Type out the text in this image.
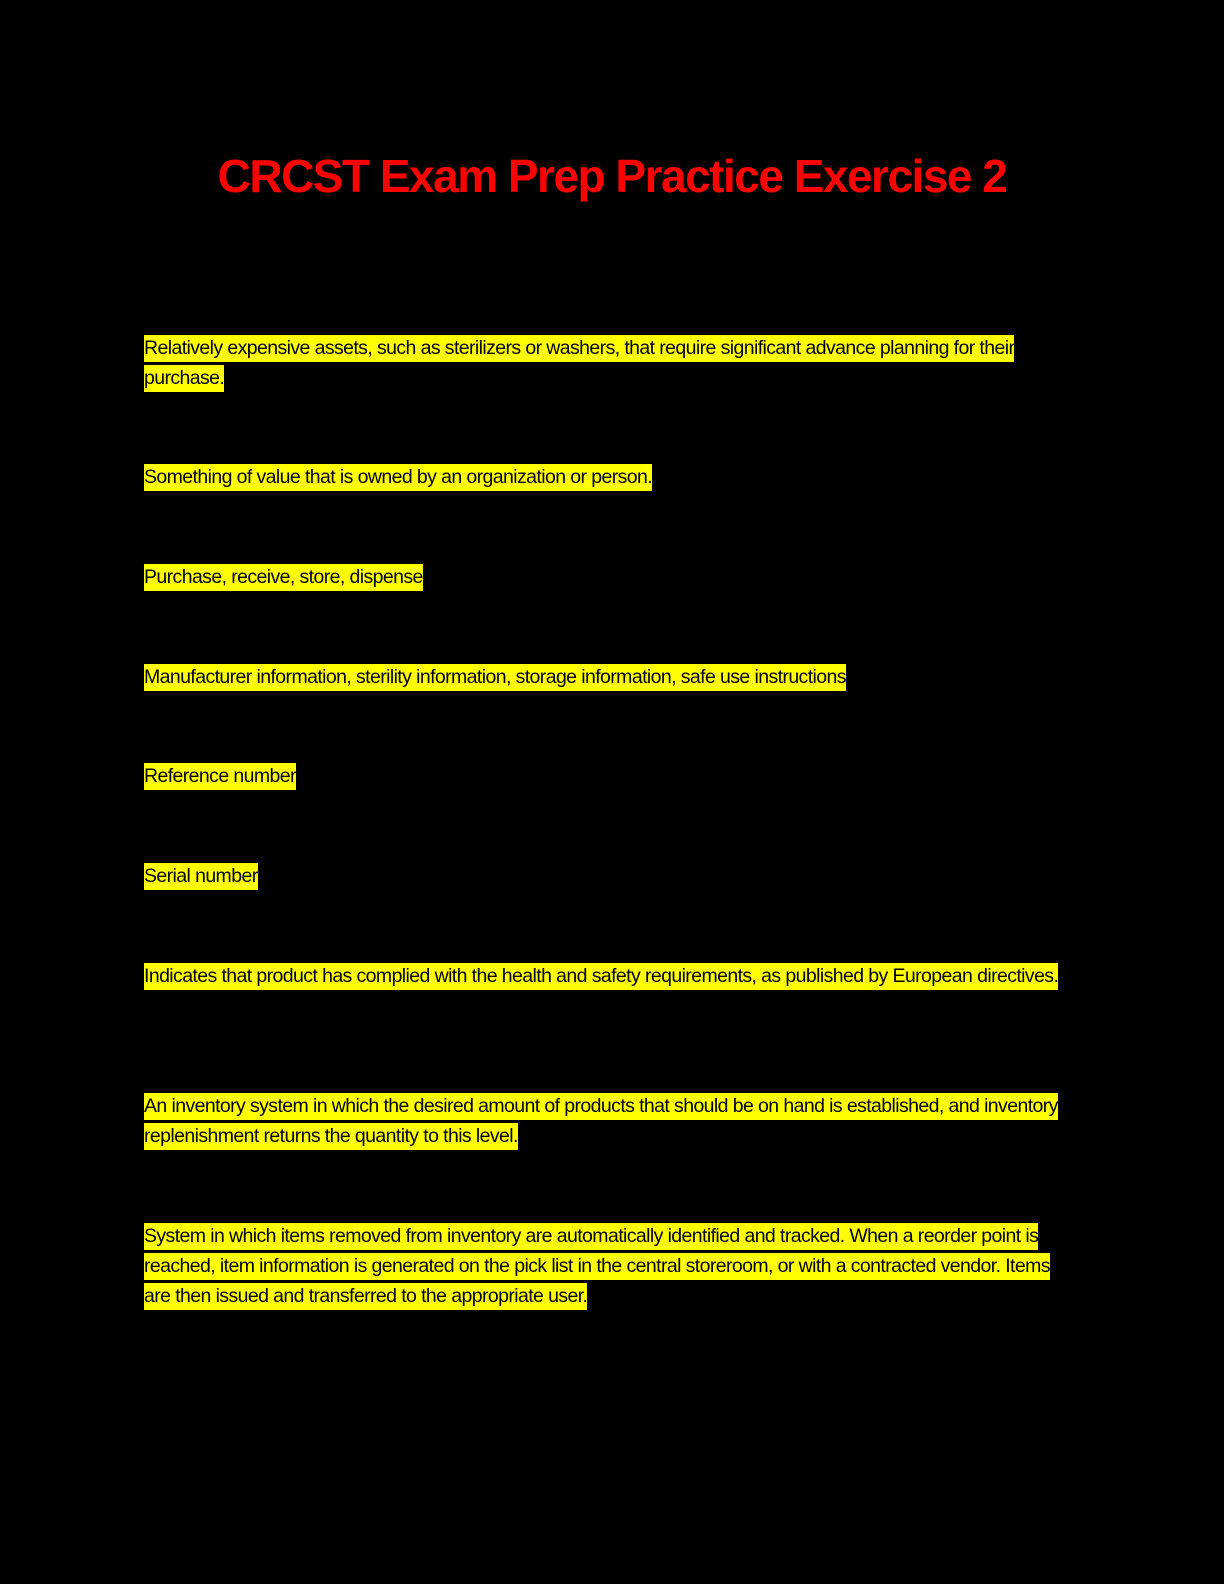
CRCST Exam Prep Practice Exercise 2

Relatively expensive assets, such as sterilizers or washers, that require significant advance planning for their purchase.

Something of value that is owned by an organization or person.

Purchase, receive, store, dispense

Manufacturer information, sterility information, storage information, safe use instructions

Reference number

Serial number

Indicates that product has complied with the health and safety requirements, as published by European directives.

An inventory system in which the desired amount of products that should be on hand is established, and inventory replenishment returns the quantity to this level.

System in which items removed from inventory are automatically identified and tracked. When a reorder point is reached, item information is generated on the pick list in the central storeroom, or with a contracted vendor. Items are then issued and transferred to the appropriate user.
